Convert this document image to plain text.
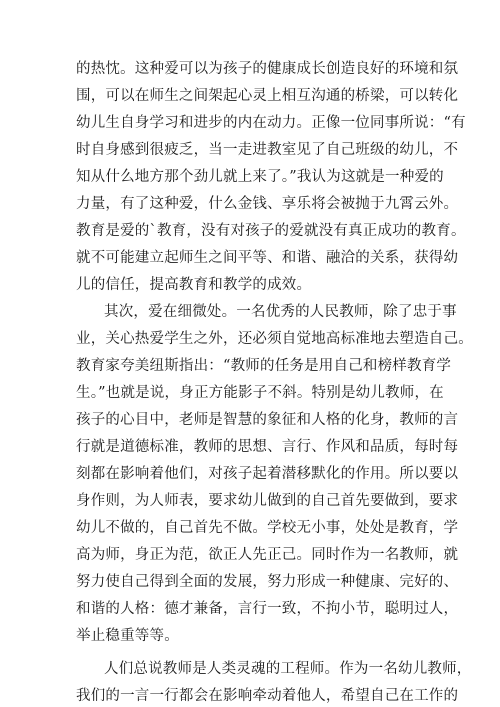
的热忱。这种爱可以为孩子的健康成长创造良好的环境和氛
围，可以在师生之间架起心灵上相互沟通的桥梁，可以转化
幼儿生自身学习和进步的内在动力。正像一位同事所说：“有
时自身感到很疲乏，当一走进教室见了自己班级的幼儿，不
知从什么地方那个劲儿就上来了。”我认为这就是一种爱的
力量，有了这种爱，什么金钱、享乐将会被抛于九霄云外。
教育是爱的`教育，没有对孩子的爱就没有真正成功的教育。
就不可能建立起师生之间平等、和谐、融洽的关系，获得幼
儿的信任，提高教育和教学的成效。
其次，爱在细微处。一名优秀的人民教师，除了忠于事
业，关心热爱学生之外，还必须自觉地高标准地去塑造自己。
教育家夸美纽斯指出：“教师的任务是用自己和榜样教育学
生。”也就是说，身正方能影子不斜。特别是幼儿教师，在
孩子的心目中，老师是智慧的象征和人格的化身，教师的言
行就是道德标准，教师的思想、言行、作风和品质，每时每
刻都在影响着他们，对孩子起着潜移默化的作用。所以要以
身作则，为人师表，要求幼儿做到的自己首先要做到，要求
幼儿不做的，自己首先不做。学校无小事，处处是教育，学
高为师，身正为范，欲正人先正己。同时作为一名教师，就
努力使自己得到全面的发展，努力形成一种健康、完好的、
和谐的人格：德才兼备，言行一致，不拘小节，聪明过人，
举止稳重等等。
人们总说教师是人类灵魂的工程师。作为一名幼儿教师，
我们的一言一行都会在影响牵动着他人，希望自己在工作的
